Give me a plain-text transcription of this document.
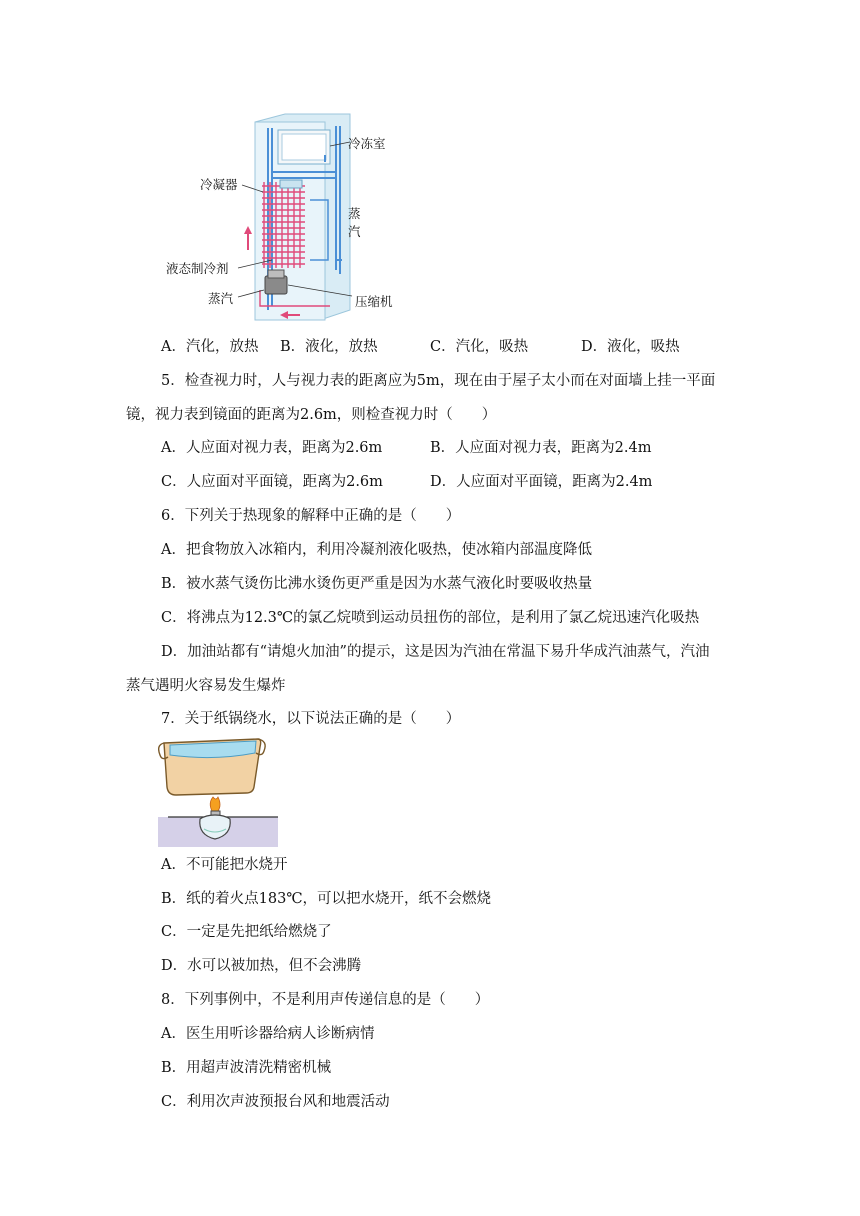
冷冻室
冷凝器
蒸
汽
液态制冷剂
蒸汽	压缩机
A．汽化，放热 B．液化，放热	C．汽化，吸热	D．液化，吸热
5．检查视力时，人与视力表的距离应为5m，现在由于屋子太小而在对面墙上挂一平面
镜，视力表到镜面的距离为2.6m，则检查视力时（　　）
A．人应面对视力表，距离为2.6m	B．人应面对视力表，距离为2.4m
C．人应面对平面镜，距离为2.6m	D．人应面对平面镜，距离为2.4m
6．下列关于热现象的解释中正确的是（　　）
A．把食物放入冰箱内，利用冷凝剂液化吸热，使冰箱内部温度降低
B．被水蒸气烫伤比沸水烫伤更严重是因为水蒸气液化时要吸收热量
C．将沸点为12.3℃的氯乙烷喷到运动员扭伤的部位，是利用了氯乙烷迅速汽化吸热
D．加油站都有“请熄火加油”的提示，这是因为汽油在常温下易升华成汽油蒸气，汽油
蒸气遇明火容易发生爆炸
7．关于纸锅绕水，以下说法正确的是（　　）
A．不可能把水烧开
B．纸的着火点183℃，可以把水烧开，纸不会燃烧
C．一定是先把纸给燃烧了
D．水可以被加热，但不会沸腾
8．下列事例中，不是利用声传递信息的是（　　）
A．医生用听诊器给病人诊断病情
B．用超声波清洗精密机械
C．利用次声波预报台风和地震活动
